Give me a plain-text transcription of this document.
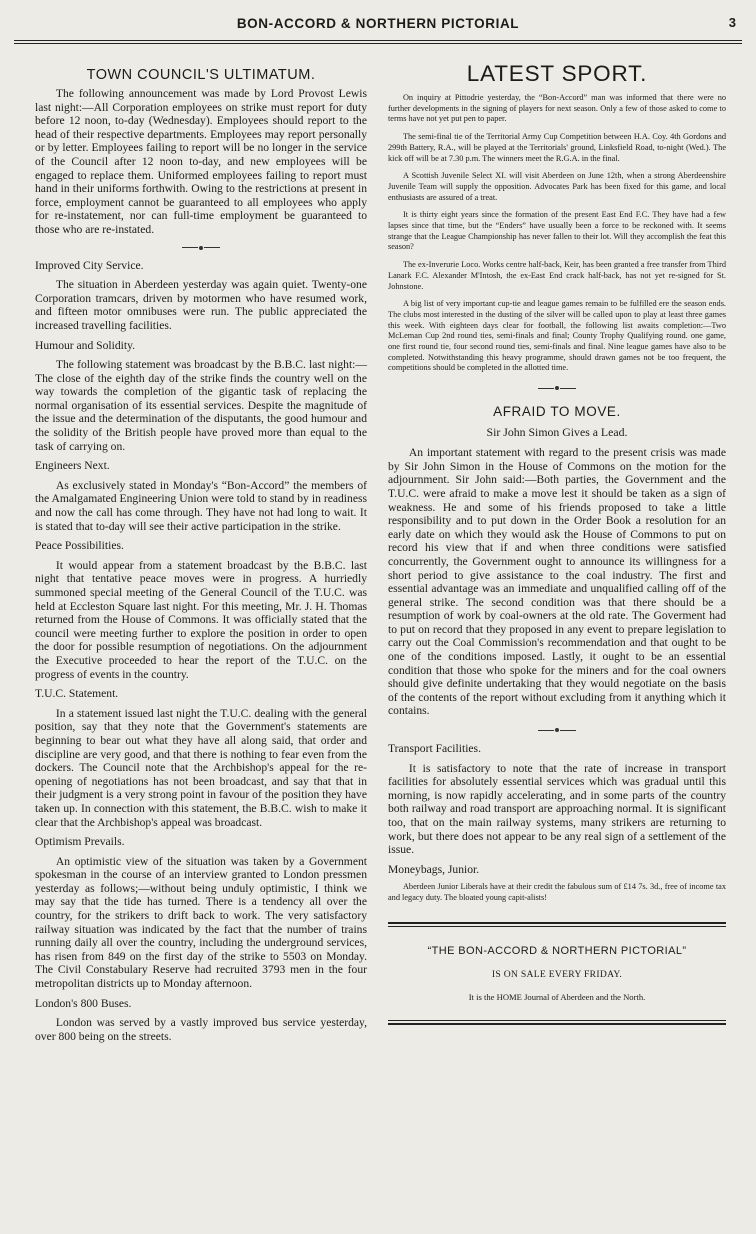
BON-ACCORD & NORTHERN PICTORIAL	3
TOWN COUNCIL'S ULTIMATUM.

The following announcement was made by Lord Provost Lewis last night:—All Corporation employees on strike must report for duty before 12 noon, to-day (Wednesday). Employees should report to the head of their respective departments. Employees may report personally or by letter. Employees failing to report will be no longer in the service of the Council after 12 noon to-day, and new employees will be engaged to replace them. Uniformed employees failing to report must hand in their uniforms forthwith. Owing to the restrictions at present in force, employment cannot be guaranteed to all employees who apply for re-instatement, nor can full-time employment be guaranteed to those who are re-instated.

Improved City Service.

The situation in Aberdeen yesterday was again quiet. Twenty-one Corporation tramcars, driven by motormen who have resumed work, and fifteen motor omnibuses were run. The public appreciated the increased travelling facilities.

Humour and Solidity.

The following statement was broadcast by the B.B.C. last night:—The close of the eighth day of the strike finds the country well on the way towards the completion of the gigantic task of replacing the normal organisation of its essential services. Despite the magnitude of the issue and the determination of the disputants, the good humour and the solidity of the British people have proved more than equal to the task of carrying on.

Engineers Next.

As exclusively stated in Monday's “Bon-Accord” the members of the Amalgamated Engineering Union were told to stand by in readiness and now the call has come through. They have not had long to wait. It is stated that to-day will see their active participation in the strike.

Peace Possibilities.

It would appear from a statement broadcast by the B.B.C. last night that tentative peace moves were in progress. A hurriedly summoned special meeting of the General Council of the T.U.C. was held at Eccleston Square last night. For this meeting, Mr. J. H. Thomas returned from the House of Commons. It was officially stated that the council were meeting further to explore the position in order to open the door for possible resumption of negotiations. On the adjournment the Executive proceeded to hear the report of the T.U.C. on the progress of events in the country.

T.U.C. Statement.

In a statement issued last night the T.U.C. dealing with the general position, say that they note that the Government's statements are beginning to bear out what they have all along said, that order and discipline are very good, and that there is nothing to fear even from the dockers. The Council note that the Archbishop's appeal for the re-opening of negotiations has not been broadcast, and say that that in their judgment is a very strong point in favour of the position they have taken up. In connection with this statement, the B.B.C. wish to make it clear that the Archbishop's appeal was broadcast.

Optimism Prevails.

An optimistic view of the situation was taken by a Government spokesman in the course of an interview granted to London pressmen yesterday as follows;—without being unduly optimistic, I think we may say that the tide has turned. There is a tendency all over the country, for the strikers to drift back to work. The very satisfactory railway situation was indicated by the fact that the number of trains running daily all over the country, including the underground services, has risen from 849 on the first day of the strike to 5503 on Monday. The Civil Constabulary Reserve had recruited 3793 men in the four metropolitan districts up to Monday afternoon.

London's 800 Buses.

London was served by a vastly improved bus service yesterday, over 800 being on the streets.

LATEST SPORT.

On inquiry at Pittodrie yesterday, the “Bon-Accord” man was informed that there were no further developments in the signing of players for next season. Only a few of those asked to come to terms have not yet put pen to paper.

The semi-final tie of the Territorial Army Cup Competition between H.A. Coy. 4th Gordons and 299th Battery, R.A., will be played at the Territorials' ground, Linksfield Road, to-night (Wed.). The kick off will be at 7.30 p.m. The winners meet the R.G.A. in the final.

A Scottish Juvenile Select XI. will visit Aberdeen on June 12th, when a strong Aberdeenshire Juvenile Team will supply the opposition. Advocates Park has been fixed for this game, and local enthusiasts are assured of a treat.

It is thirty eight years since the formation of the present East End F.C. They have had a few lapses since that time, but the “Enders” have usually been a force to be reckoned with. It seems strange that the League Championship has never fallen to their lot. Will they accomplish the feat this season?

The ex-Inverurie Loco. Works centre half-back, Keir, has been granted a free transfer from Third Lanark F.C. Alexander M'Intosh, the ex-East End crack half-back, has not yet re-signed for St. Johnstone.

A big list of very important cup-tie and league games remain to be fulfilled ere the season ends. The clubs most interested in the dusting of the silver will be called upon to play at least three games this week. With eighteen days clear for football, the following list awaits completion:—Two McLeman Cup 2nd round ties, semi-finals and final; County Trophy Qualifying round. one game, one first round tie, four second round ties, semi-finals and final. Nine league games have also to be completed. Notwithstanding this heavy programme, should drawn games not be too frequent, the competitions should be completed in the allotted time.

AFRAID TO MOVE.
Sir John Simon Gives a Lead.

An important statement with regard to the present crisis was made by Sir John Simon in the House of Commons on the motion for the adjournment. Sir John said:—Both parties, the Government and the T.U.C. were afraid to make a move lest it should be taken as a sign of weakness. He and some of his friends proposed to take a little responsibility and to put down in the Order Book a resolution for an early date on which they would ask the House of Commons to put on record his view that if and when three conditions were satisfied concurrently, the Government ought to announce its willingness for a short period to give assistance to the coal industry. The first and essential advantage was an immediate and unqualified calling off of the general strike. The second condition was that there should be a resumption of work by coal-owners at the old rate. The Goverment had to put on record that they proposed in any event to prepare legislation to carry out the Coal Commission's recommendation and that ought to be one of the conditions imposed. Lastly, it ought to be an essential condition that those who spoke for the miners and for the coal owners should give definite undertaking that they would negotiate on the basis of the contents of the report without excluding from it anything which it contains.

Transport Facilities.

It is satisfactory to note that the rate of increase in transport facilities for absolutely essential services which was gradual until this morning, is now rapidly accelerating, and in some parts of the country both railway and road transport are approaching normal. It is significant too, that on the main railway systems, many strikers are returning to work, but there does not appear to be any real sign of a settlement of the issue.

Moneybags, Junior.

Aberdeen Junior Liberals have at their credit the fabulous sum of £14 7s. 3d., free of income tax and legacy duty. The bloated young capit-alists!

“THE BON-ACCORD & NORTHERN PICTORIAL”
IS ON SALE EVERY FRIDAY.
It is the HOME Journal of Aberdeen and the North.
